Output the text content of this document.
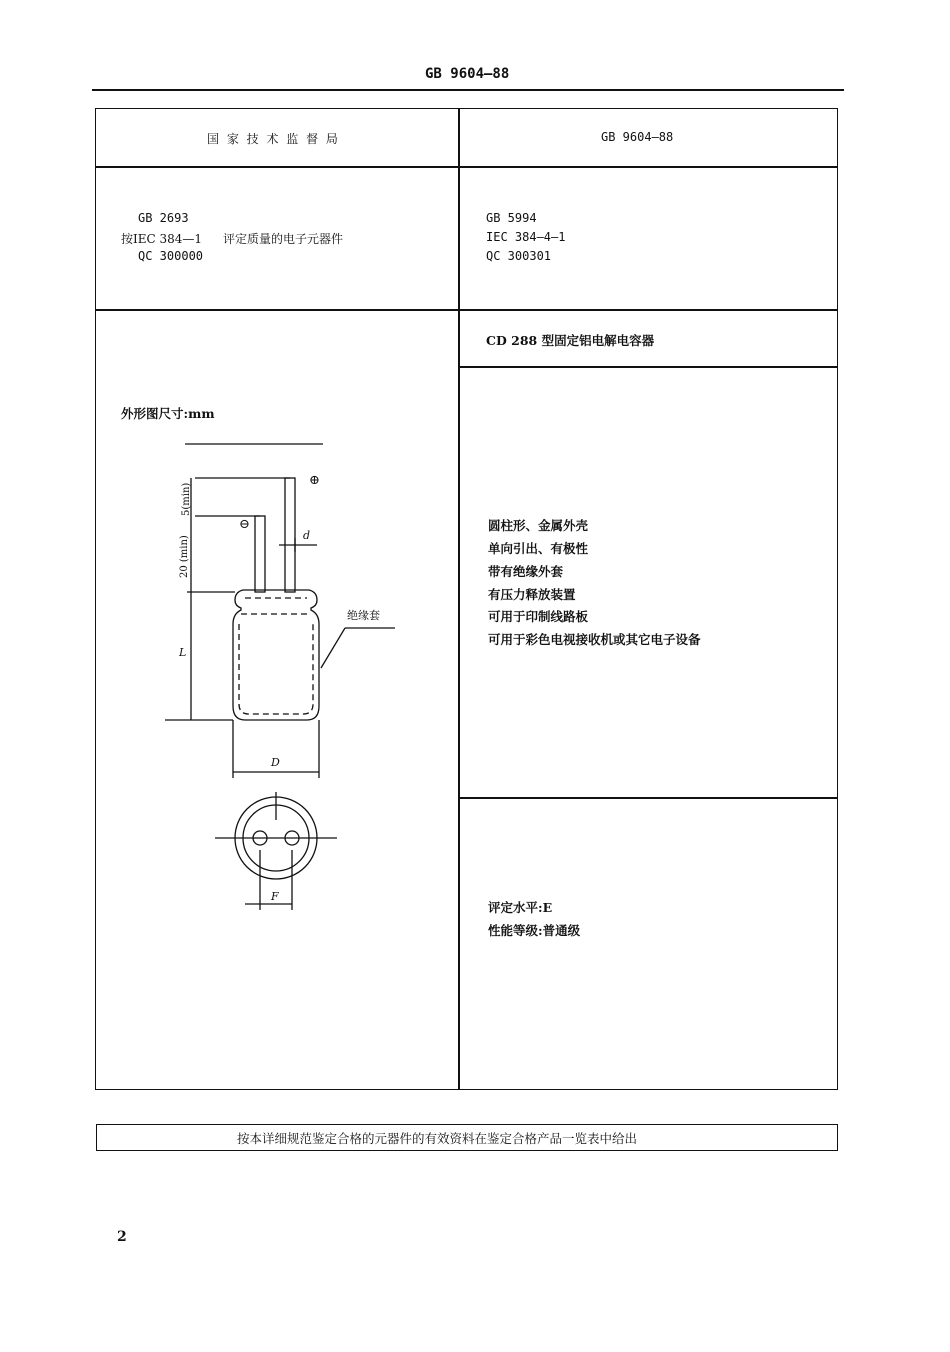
GB 9604—88
国 家 技 术 监 督 局	GB 9604—88
GB 2693
按IEC 384—1 评定质量的电子元器件
QC 300000
GB 5994
IEC 384—4—1
QC 300301
CD 288 型固定铝电解电容器
外形图尺寸:mm
圆柱形、金属外壳
单向引出、有极性
带有绝缘外套
有压力释放装置
可用于印制线路板
可用于彩色电视接收机或其它电子设备
评定水平:E
性能等级:普通级
⊕
⊖
5(min)
20 (min)	d
L
D
F
绝缘套
按本详细规范鉴定合格的元器件的有效资料在鉴定合格产品一览表中给出
2
